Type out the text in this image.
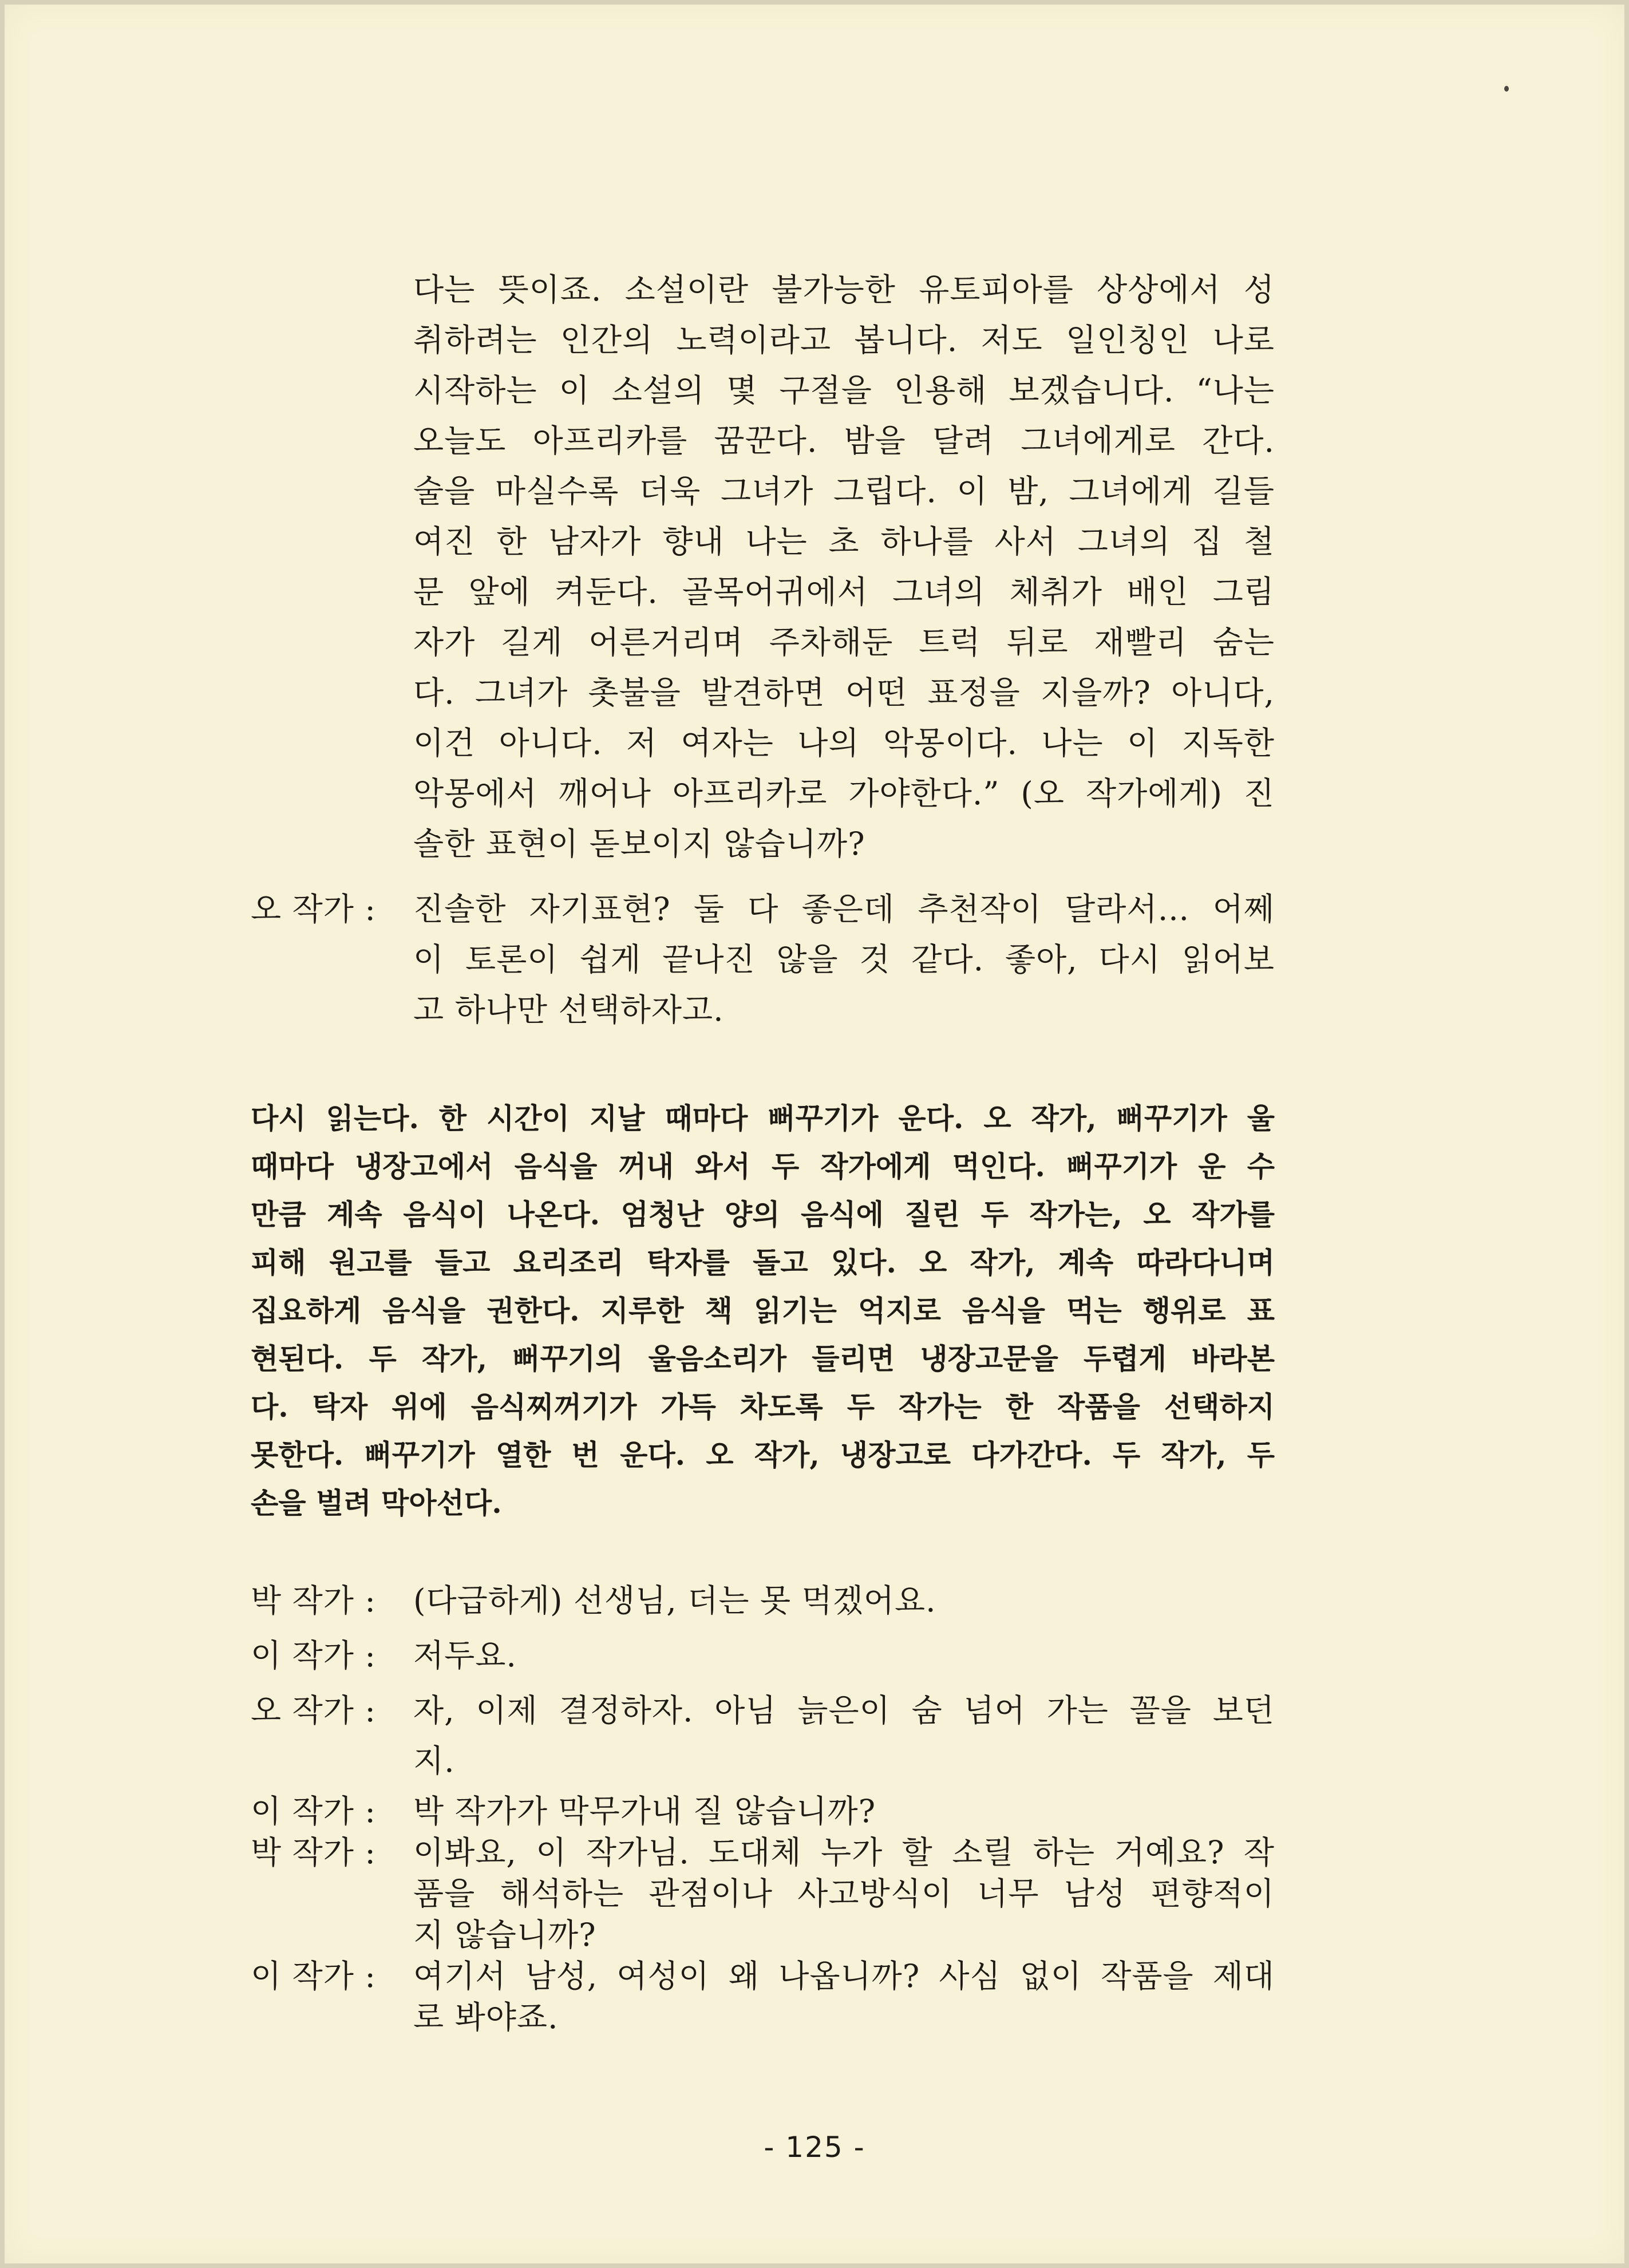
다는 뜻이죠. 소설이란 불가능한 유토피아를 상상에서 성
취하려는 인간의 노력이라고 봅니다. 저도 일인칭인 나로
시작하는 이 소설의 몇 구절을 인용해 보겠습니다. “나는
오늘도 아프리카를 꿈꾼다. 밤을 달려 그녀에게로 간다.
술을 마실수록 더욱 그녀가 그립다. 이 밤, 그녀에게 길들
여진 한 남자가 향내 나는 초 하나를 사서 그녀의 집 철
문 앞에 켜둔다. 골목어귀에서 그녀의 체취가 배인 그림
자가 길게 어른거리며 주차해둔 트럭 뒤로 재빨리 숨는
다. 그녀가 촛불을 발견하면 어떤 표정을 지을까? 아니다,
이건 아니다. 저 여자는 나의 악몽이다. 나는 이 지독한
악몽에서 깨어나 아프리카로 가야한다.” (오 작가에게) 진
솔한 표현이 돋보이지 않습니까?
오 작가 :	진솔한 자기표현? 둘 다 좋은데 추천작이 달라서… 어쩨
이 토론이 쉽게 끝나진 않을 것 같다. 좋아, 다시 읽어보
고 하나만 선택하자고.
다시 읽는다. 한 시간이 지날 때마다 뻐꾸기가 운다. 오 작가, 뻐꾸기가 울
때마다 냉장고에서 음식을 꺼내 와서 두 작가에게 먹인다. 뻐꾸기가 운 수
만큼 계속 음식이 나온다. 엄청난 양의 음식에 질린 두 작가는, 오 작가를
피해 원고를 들고 요리조리 탁자를 돌고 있다. 오 작가, 계속 따라다니며
집요하게 음식을 권한다. 지루한 책 읽기는 억지로 음식을 먹는 행위로 표
현된다. 두 작가, 뻐꾸기의 울음소리가 들리면 냉장고문을 두렵게 바라본
다. 탁자 위에 음식찌꺼기가 가득 차도록 두 작가는 한 작품을 선택하지
못한다. 뻐꾸기가 열한 번 운다. 오 작가, 냉장고로 다가간다. 두 작가, 두
손을 벌려 막아선다.
박 작가 :	(다급하게) 선생님, 더는 못 먹겠어요.
이 작가 :	저두요.
오 작가 :	자, 이제 결정하자. 아님 늙은이 숨 넘어 가는 꼴을 보던
지.
이 작가 :	박 작가가 막무가내 질 않습니까?
박 작가 :	이봐요, 이 작가님. 도대체 누가 할 소릴 하는 거예요? 작
품을 해석하는 관점이나 사고방식이 너무 남성 편향적이
지 않습니까?
이 작가 :	여기서 남성, 여성이 왜 나옵니까? 사심 없이 작품을 제대
로 봐야죠.
- 125 -
